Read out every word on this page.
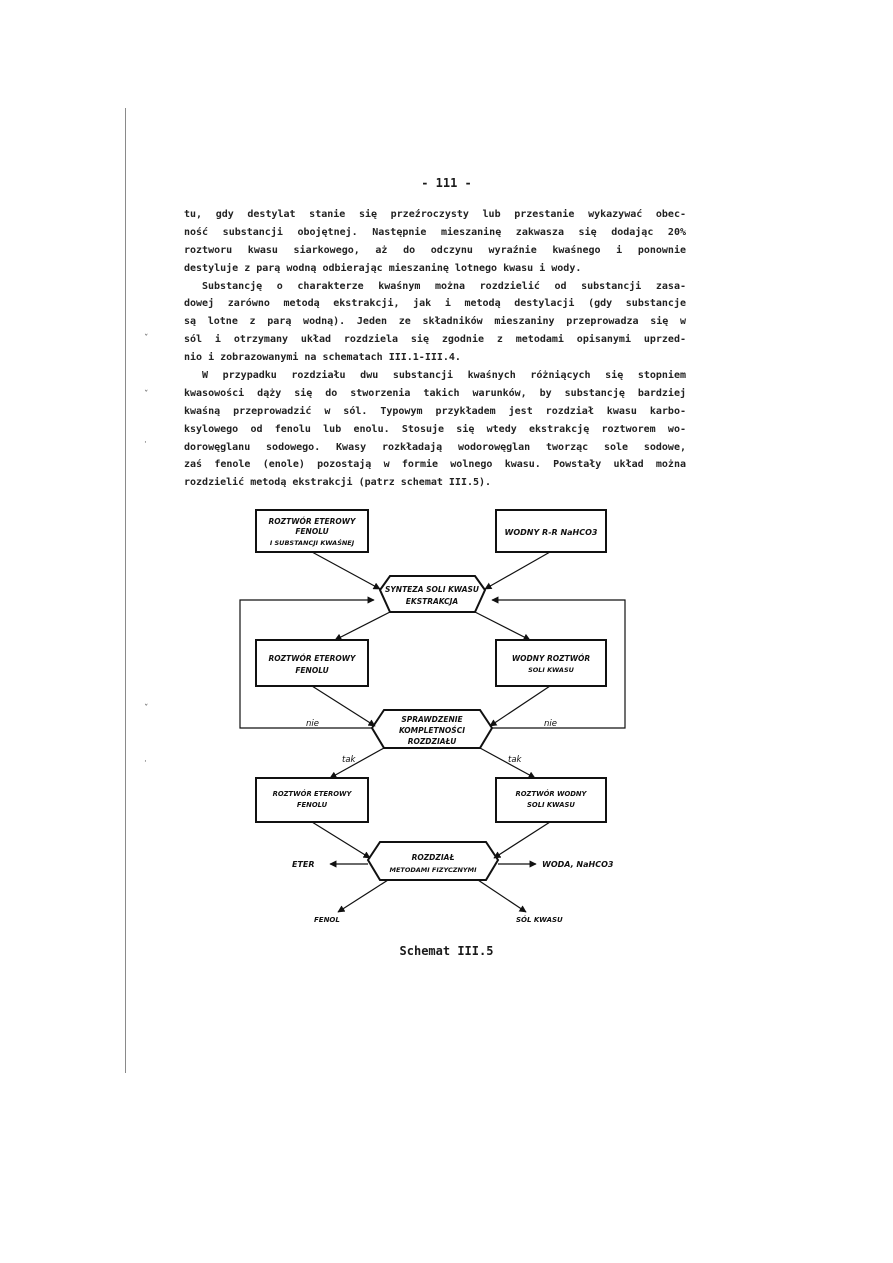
ˇ
ˇ
·
ˇ
·
- 111 -
tu, gdy destylat stanie się przeźroczysty lub przestanie wykazywać obec-
ność substancji obojętnej. Następnie mieszaninę zakwasza się dodając 20%
roztworu kwasu siarkowego, aż do odczynu wyraźnie kwaśnego i ponownie
destyluje z parą wodną odbierając mieszaninę lotnego kwasu i wody.
Substancję o charakterze kwaśnym można rozdzielić od substancji zasa-
dowej zarówno metodą ekstrakcji, jak i metodą destylacji (gdy substancje
są lotne z parą wodną). Jeden ze składników mieszaniny przeprowadza się w
sól i otrzymany układ rozdziela się zgodnie z metodami opisanymi uprzed-
nio i zobrazowanymi na schematach III.1-III.4.
W przypadku rozdziału dwu substancji kwaśnych różniących się stopniem
kwasowości dąży się do stworzenia takich warunków, by substancję bardziej
kwaśną przeprowadzić w sól. Typowym przykładem jest rozdział kwasu karbo-
ksylowego od fenolu lub enolu. Stosuje się wtedy ekstrakcję roztworem wo-
dorowęglanu sodowego. Kwasy rozkładają wodorowęglan tworząc sole sodowe,
zaś fenole (enole) pozostają w formie wolnego kwasu. Powstały układ można
rozdzielić metodą ekstrakcji (patrz schemat III.5).
ROZTWÓR ETEROWY
FENOLU
I SUBSTANCJI KWAŚNEJ
WODNY R-R NaHCO3
SYNTEZA SOLI KWASU
EKSTRAKCJA
ROZTWÓR ETEROWY
FENOLU
WODNY ROZTWÓR
SOLI KWASU
SPRAWDZENIE
KOMPLETNOŚCI
ROZDZIAŁU
ROZTWÓR ETEROWY
FENOLU
ROZTWÓR WODNY
SOLI KWASU
ROZDZIAŁ
METODAMI FIZYCZNYMI
nie	nie
tak	tak
ETER	WODA, NaHCO3
FENOL	SÓL KWASU
Schemat III.5
